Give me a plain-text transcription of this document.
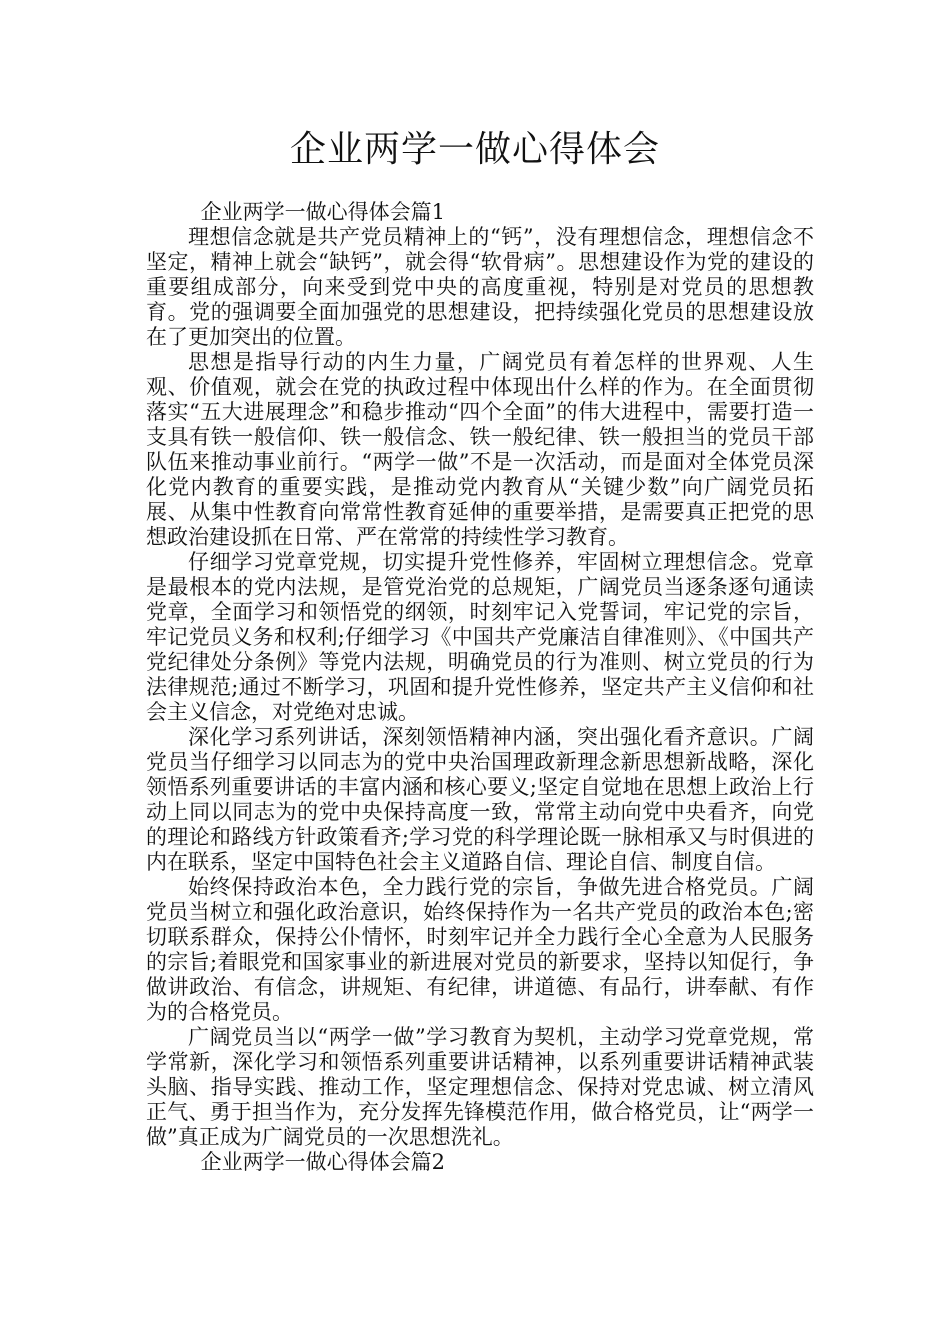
企业两学一做心得体会

企业两学一做心得体会篇1

理想信念就是共产党员精神上的“钙”，没有理想信念，理想信念不坚定，精神上就会“缺钙”，就会得“软骨病”。思想建设作为党的建设的重要组成部分，向来受到党中央的高度重视，特别是对党员的思想教育。党的强调要全面加强党的思想建设，把持续强化党员的思想建设放在了更加突出的位置。

思想是指导行动的内生力量，广阔党员有着怎样的世界观、人生观、价值观，就会在党的执政过程中体现出什么样的作为。在全面贯彻落实“五大进展理念”和稳步推动“四个全面”的伟大进程中，需要打造一支具有铁一般信仰、铁一般信念、铁一般纪律、铁一般担当的党员干部队伍来推动事业前行。“两学一做”不是一次活动，而是面对全体党员深化党内教育的重要实践，是推动党内教育从“关键少数”向广阔党员拓展、从集中性教育向常常性教育延伸的重要举措，是需要真正把党的思想政治建设抓在日常、严在常常的持续性学习教育。

仔细学习党章党规，切实提升党性修养，牢固树立理想信念。党章是最根本的党内法规，是管党治党的总规矩，广阔党员当逐条逐句通读党章，全面学习和领悟党的纲领，时刻牢记入党誓词，牢记党的宗旨，牢记党员义务和权利;仔细学习《中国共产党廉洁自律准则》、《中国共产党纪律处分条例》等党内法规，明确党员的行为准则、树立党员的行为法律规范;通过不断学习，巩固和提升党性修养，坚定共产主义信仰和社会主义信念，对党绝对忠诚。

深化学习系列讲话，深刻领悟精神内涵，突出强化看齐意识。广阔党员当仔细学习以同志为的党中央治国理政新理念新思想新战略，深化领悟系列重要讲话的丰富内涵和核心要义;坚定自觉地在思想上政治上行动上同以同志为的党中央保持高度一致，常常主动向党中央看齐，向党的理论和路线方针政策看齐;学习党的科学理论既一脉相承又与时俱进的内在联系，坚定中国特色社会主义道路自信、理论自信、制度自信。

始终保持政治本色，全力践行党的宗旨，争做先进合格党员。广阔党员当树立和强化政治意识，始终保持作为一名共产党员的政治本色;密切联系群众，保持公仆情怀，时刻牢记并全力践行全心全意为人民服务的宗旨;着眼党和国家事业的新进展对党员的新要求，坚持以知促行，争做讲政治、有信念，讲规矩、有纪律，讲道德、有品行，讲奉献、有作为的合格党员。

广阔党员当以“两学一做”学习教育为契机，主动学习党章党规，常学常新，深化学习和领悟系列重要讲话精神，以系列重要讲话精神武装头脑、指导实践、推动工作，坚定理想信念、保持对党忠诚、树立清风正气、勇于担当作为，充分发挥先锋模范作用，做合格党员，让“两学一做”真正成为广阔党员的一次思想洗礼。

企业两学一做心得体会篇2
